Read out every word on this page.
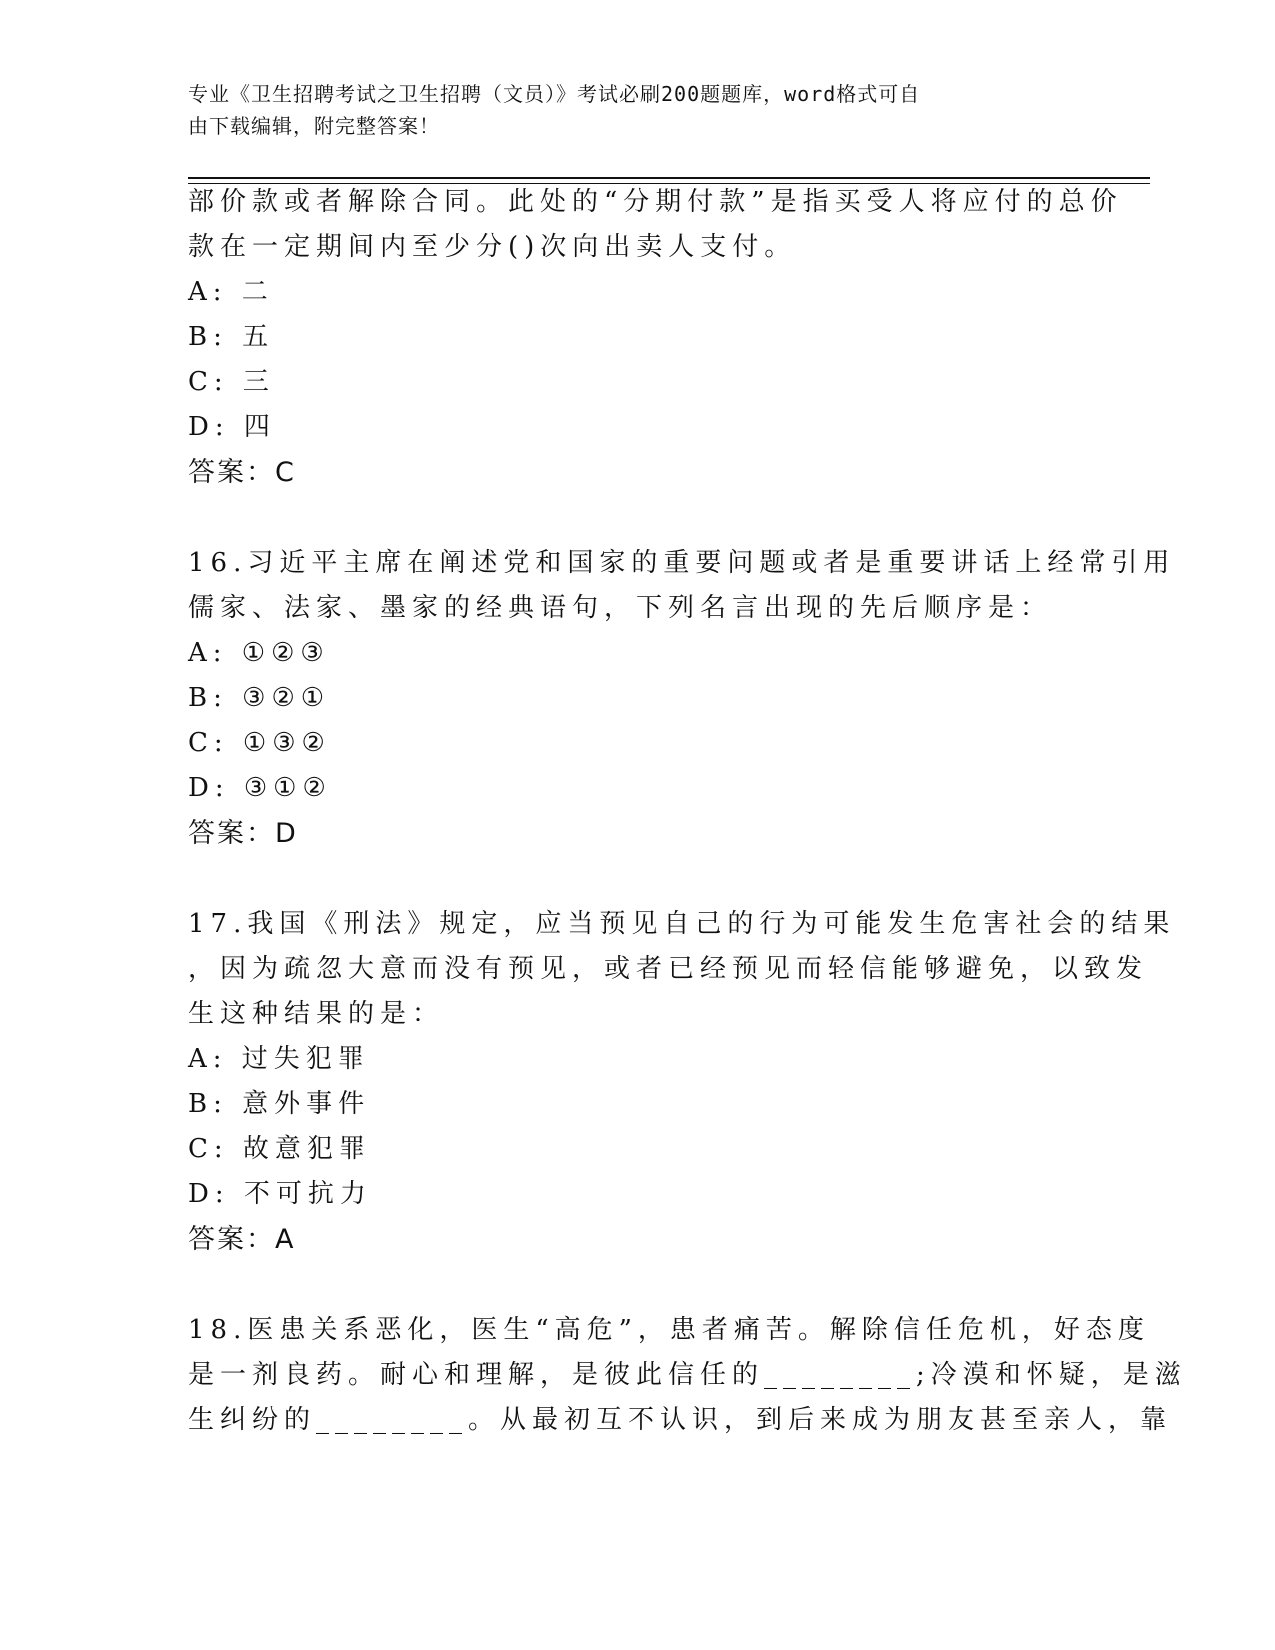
专业《卫生招聘考试之卫生招聘（文员）》考试必刷200题题库，word格式可自
由下载编辑，附完整答案！
部价款或者解除合同。此处的“分期付款”是指买受人将应付的总价
款在一定期间内至少分()次向出卖人支付。
A: 二
B: 五
C: 三
D: 四
答案：C
16.习近平主席在阐述党和国家的重要问题或者是重要讲话上经常引用
儒家、法家、墨家的经典语句，下列名言出现的先后顺序是：
A: ①②③
B: ③②①
C: ①③②
D: ③①②
答案：D
17.我国《刑法》规定，应当预见自己的行为可能发生危害社会的结果
，因为疏忽大意而没有预见，或者已经预见而轻信能够避免，以致发
生这种结果的是：
A: 过失犯罪
B: 意外事件
C: 故意犯罪
D: 不可抗力
答案：A
18.医患关系恶化，医生“高危”，患者痛苦。解除信任危机，好态度
是一剂良药。耐心和理解，是彼此信任的________;冷漠和怀疑，是滋
生纠纷的________。从最初互不认识，到后来成为朋友甚至亲人，靠
